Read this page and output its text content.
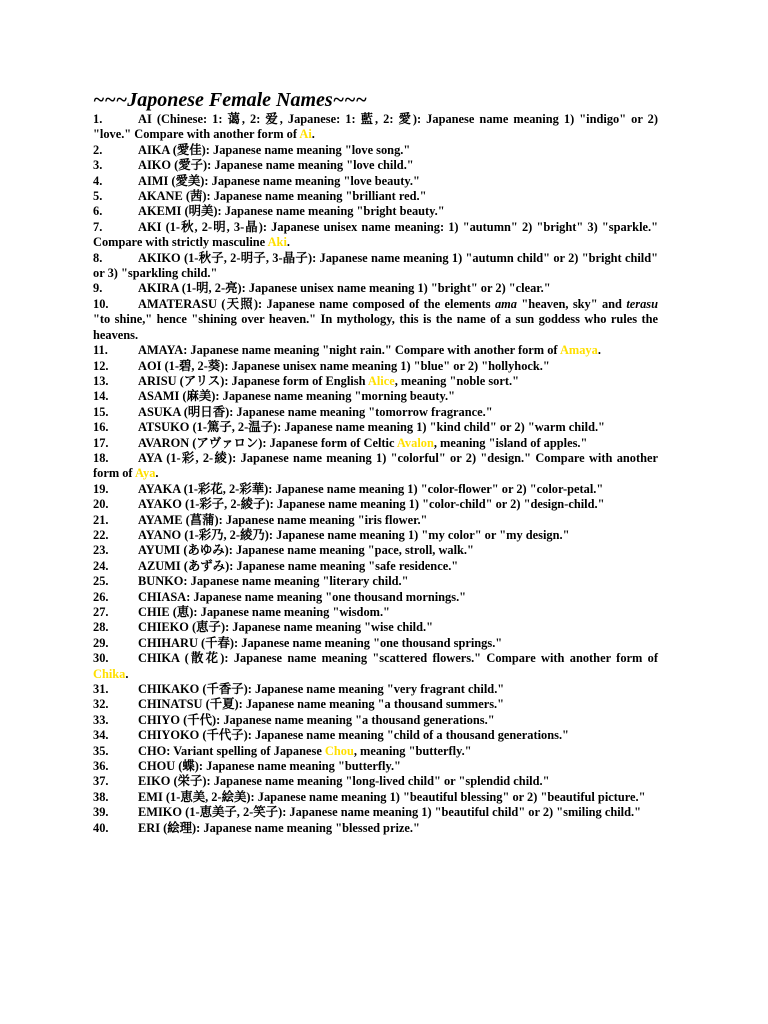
~~~Japonese Female Names~~~
1.	AI (Chinese: 1: 蔼, 2: 爱, Japanese: 1: 藍, 2: 愛): Japanese name meaning 1) "indigo" or 2) "love." Compare with another form of Ai.
2.	AIKA (愛佳): Japanese name meaning "love song."
3.	AIKO (愛子): Japanese name meaning "love child."
4.	AIMI (愛美): Japanese name meaning "love beauty."
5.	AKANE (茜): Japanese name meaning "brilliant red."
6.	AKEMI (明美): Japanese name meaning "bright beauty."
7.	AKI (1-秋, 2-明, 3-晶): Japanese unisex name meaning: 1) "autumn" 2) "bright" 3) "sparkle." Compare with strictly masculine Aki.
8.	AKIKO (1-秋子, 2-明子, 3-晶子): Japanese name meaning 1) "autumn child" or 2) "bright child" or 3) "sparkling child."
9.	AKIRA (1-明, 2-亮): Japanese unisex name meaning 1) "bright" or 2) "clear."
10. AMATERASU (天照): Japanese name composed of the elements ama "heaven, sky" and terasu "to shine," hence "shining over heaven." In mythology, this is the name of a sun goddess who rules the heavens.
11. AMAYA: Japanese name meaning "night rain." Compare with another form of Amaya.
12. AOI (1-碧, 2-葵): Japanese unisex name meaning 1) "blue" or 2) "hollyhock."
13. ARISU (アリス): Japanese form of English Alice, meaning "noble sort."
14. ASAMI (麻美): Japanese name meaning "morning beauty."
15. ASUKA (明日香): Japanese name meaning "tomorrow fragrance."
16. ATSUKO (1-篤子, 2-温子): Japanese name meaning 1) "kind child" or 2) "warm child."
17. AVARON (アヴァロン): Japanese form of Celtic Avalon, meaning "island of apples."
18. AYA (1-彩, 2-綾): Japanese name meaning 1) "colorful" or 2) "design." Compare with another form of Aya.
19. AYAKA (1-彩花, 2-彩華): Japanese name meaning 1) "color-flower" or 2) "color-petal."
20. AYAKO (1-彩子, 2-綾子): Japanese name meaning 1) "color-child" or 2) "design-child."
21. AYAME (菖蒲): Japanese name meaning "iris flower."
22. AYANO (1-彩乃, 2-綾乃): Japanese name meaning 1) "my color" or "my design."
23. AYUMI (あゆみ): Japanese name meaning "pace, stroll, walk."
24. AZUMI (あずみ): Japanese name meaning "safe residence."
25. BUNKO: Japanese name meaning "literary child."
26. CHIASA: Japanese name meaning "one thousand mornings."
27. CHIE (恵): Japanese name meaning "wisdom."
28. CHIEKO (恵子): Japanese name meaning "wise child."
29. CHIHARU (千春): Japanese name meaning "one thousand springs."
30. CHIKA (散花): Japanese name meaning "scattered flowers." Compare with another form of Chika.
31. CHIKAKO (千香子): Japanese name meaning "very fragrant child."
32. CHINATSU (千夏): Japanese name meaning "a thousand summers."
33. CHIYO (千代): Japanese name meaning "a thousand generations."
34. CHIYOKO (千代子): Japanese name meaning "child of a thousand generations."
35. CHO: Variant spelling of Japanese Chou, meaning "butterfly."
36. CHOU (蝶): Japanese name meaning "butterfly."
37. EIKO (栄子): Japanese name meaning "long-lived child" or "splendid child."
38. EMI (1-恵美, 2-絵美): Japanese name meaning 1) "beautiful blessing" or 2) "beautiful picture."
39. EMIKO (1-恵美子, 2-笑子): Japanese name meaning 1) "beautiful child" or 2) "smiling child."
40. ERI (絵理): Japanese name meaning "blessed prize."
